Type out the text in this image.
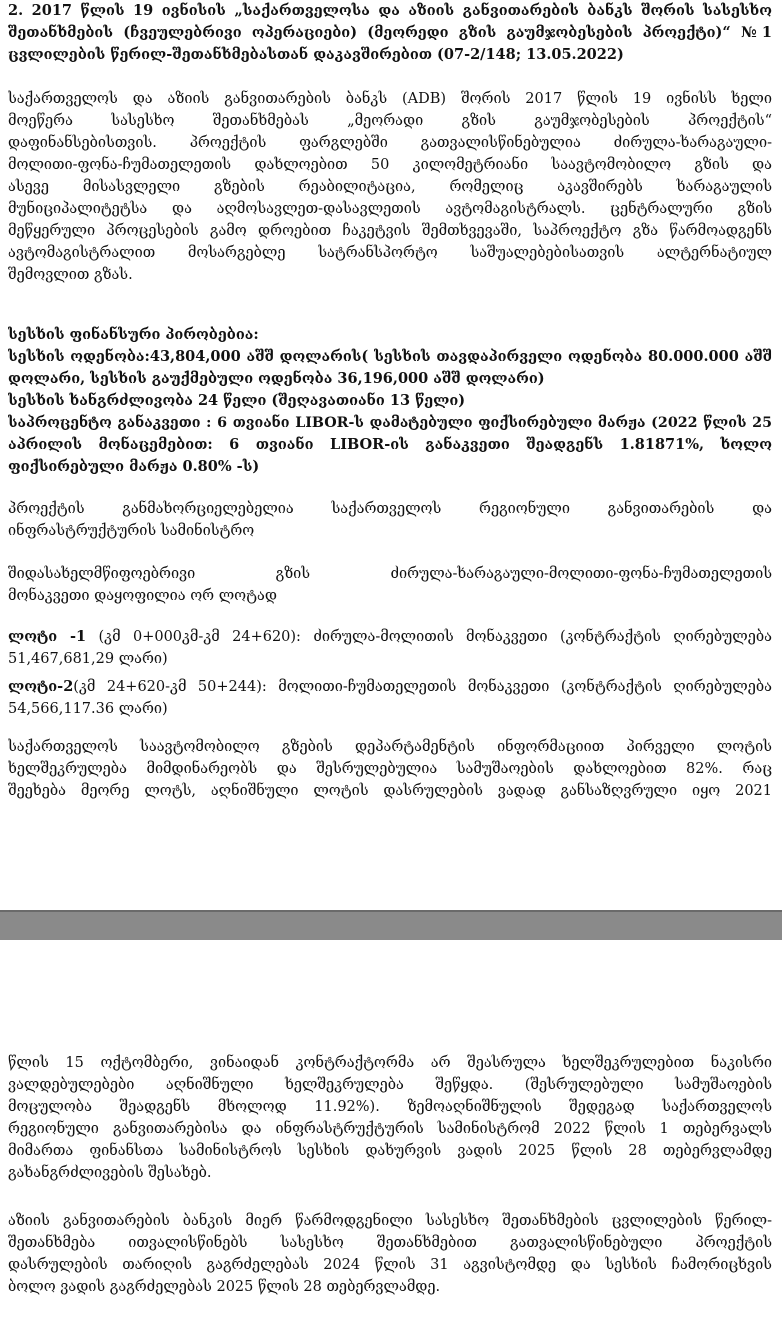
2. 2017 წლის 19 ივნისის „საქართველოსა და აზიის განვითარების ბანკს შორის სასესხო
შეთანხმების (ჩვეულებრივი ოპერაციები) (მეორედი გზის გაუმჯობესების პროექტი)“ №1
ცვლილების წერილ-შეთანხმებასთან დაკავშირებით (07-2/148; 13.05.2022)
საქართველოს და აზიის განვითარების ბანკს (ADB) შორის 2017 წლის 19 ივნისს ხელი
მოეწერა სასესხო შეთანხმებას „მეორადი გზის გაუმჯობესების პროექტის“
დაფინანსებისთვის. პროექტის ფარგლებში გათვალისწინებულია ძირულა-ხარაგაული-
მოლითი-ფონა-ჩუმათელეთის დახლოებით 50 კილომეტრიანი საავტომობილო გზის და
ასევე მისასვლელი გზების რეაბილიტაცია, რომელიც აკავშირებს ხარაგაულის
მუნიციპალიტეტსა და აღმოსავლეთ-დასავლეთის ავტომაგისტრალს. ცენტრალური გზის
მეწყერული პროცესების გამო დროებით ჩაკეტვის შემთხვევაში, საპროექტო გზა წარმოადგენს
ავტომაგისტრალით მოსარგებლე სატრანსპორტო საშუალებებისათვის ალტერნატიულ
შემოვლით გზას.
სესხის ფინანსური პირობებია:
სესხის ოდენობა:43,804,000 აშშ დოლარის( სესხის თავდაპირველი ოდენობა 80.000.000 აშშ
დოლარი, სესხის გაუქმებული ოდენობა 36,196,000 აშშ დოლარი)
სესხის ხანგრძლივობა 24 წელი (შეღავათიანი 13 წელი)
საპროცენტო განაკვეთი : 6 თვიანი LIBOR-ს დამატებული ფიქსირებული მარჟა (2022 წლის 25
აპრილის მონაცემებით: 6 თვიანი LIBOR-ის განაკვეთი შეადგენს 1.81871%, ხოლო
ფიქსირებული მარჟა 0.80% -ს)
პროექტის განმახორციელებელია საქართველოს რეგიონული განვითარების და
ინფრასტრუქტურის სამინისტრო
შიდასახელმწიფოებრივი გზის ძირულა-ხარაგაული-მოლითი-ფონა-ჩუმათელეთის
მონაკვეთი დაყოფილია ორ ლოტად
ლოტი -1 (კმ 0+000კმ-კმ 24+620): ძირულა-მოლითის მონაკვეთი (კონტრაქტის ღირებულება
51,467,681,29 ლარი)
ლოტი-2(კმ 24+620-კმ 50+244): მოლითი-ჩუმათელეთის მონაკვეთი (კონტრაქტის ღირებულება
54,566,117.36 ლარი)
საქართველოს საავტომობილო გზების დეპარტამენტის ინფორმაციით პირველი ლოტის
ხელშეკრულება მიმდინარეობს და შესრულებულია სამუშაოების დახლოებით 82%. რაც
შეეხება მეორე ლოტს, აღნიშნული ლოტის დასრულების ვადად განსაზღვრული იყო 2021
წლის 15 ოქტომბერი, ვინაიდან კონტრაქტორმა არ შეასრულა ხელშეკრულებით ნაკისრი
ვალდებულებები აღნიშნული ხელშეკრულება შეწყდა. (შესრულებული სამუშაოების
მოცულობა შეადგენს მხოლოდ 11.92%). ზემოაღნიშნულის შედეგად საქართველოს
რეგიონული განვითარებისა და ინფრასტრუქტურის სამინისტრომ 2022 წლის 1 თებერვალს
მიმართა ფინანსთა სამინისტროს სესხის დახურვის ვადის 2025 წლის 28 თებერვლამდე
გახანგრძლივების შესახებ.
აზიის განვითარების ბანკის მიერ წარმოდგენილი სასესხო შეთანხმების ცვლილების წერილ-
შეთანხმება ითვალისწინებს სასესხო შეთანხმებით გათვალისწინებული პროექტის
დასრულების თარიღის გაგრძელებას 2024 წლის 31 აგვისტომდე და სესხის ჩამორიცხვის
ბოლო ვადის გაგრძელებას 2025 წლის 28 თებერვლამდე.
